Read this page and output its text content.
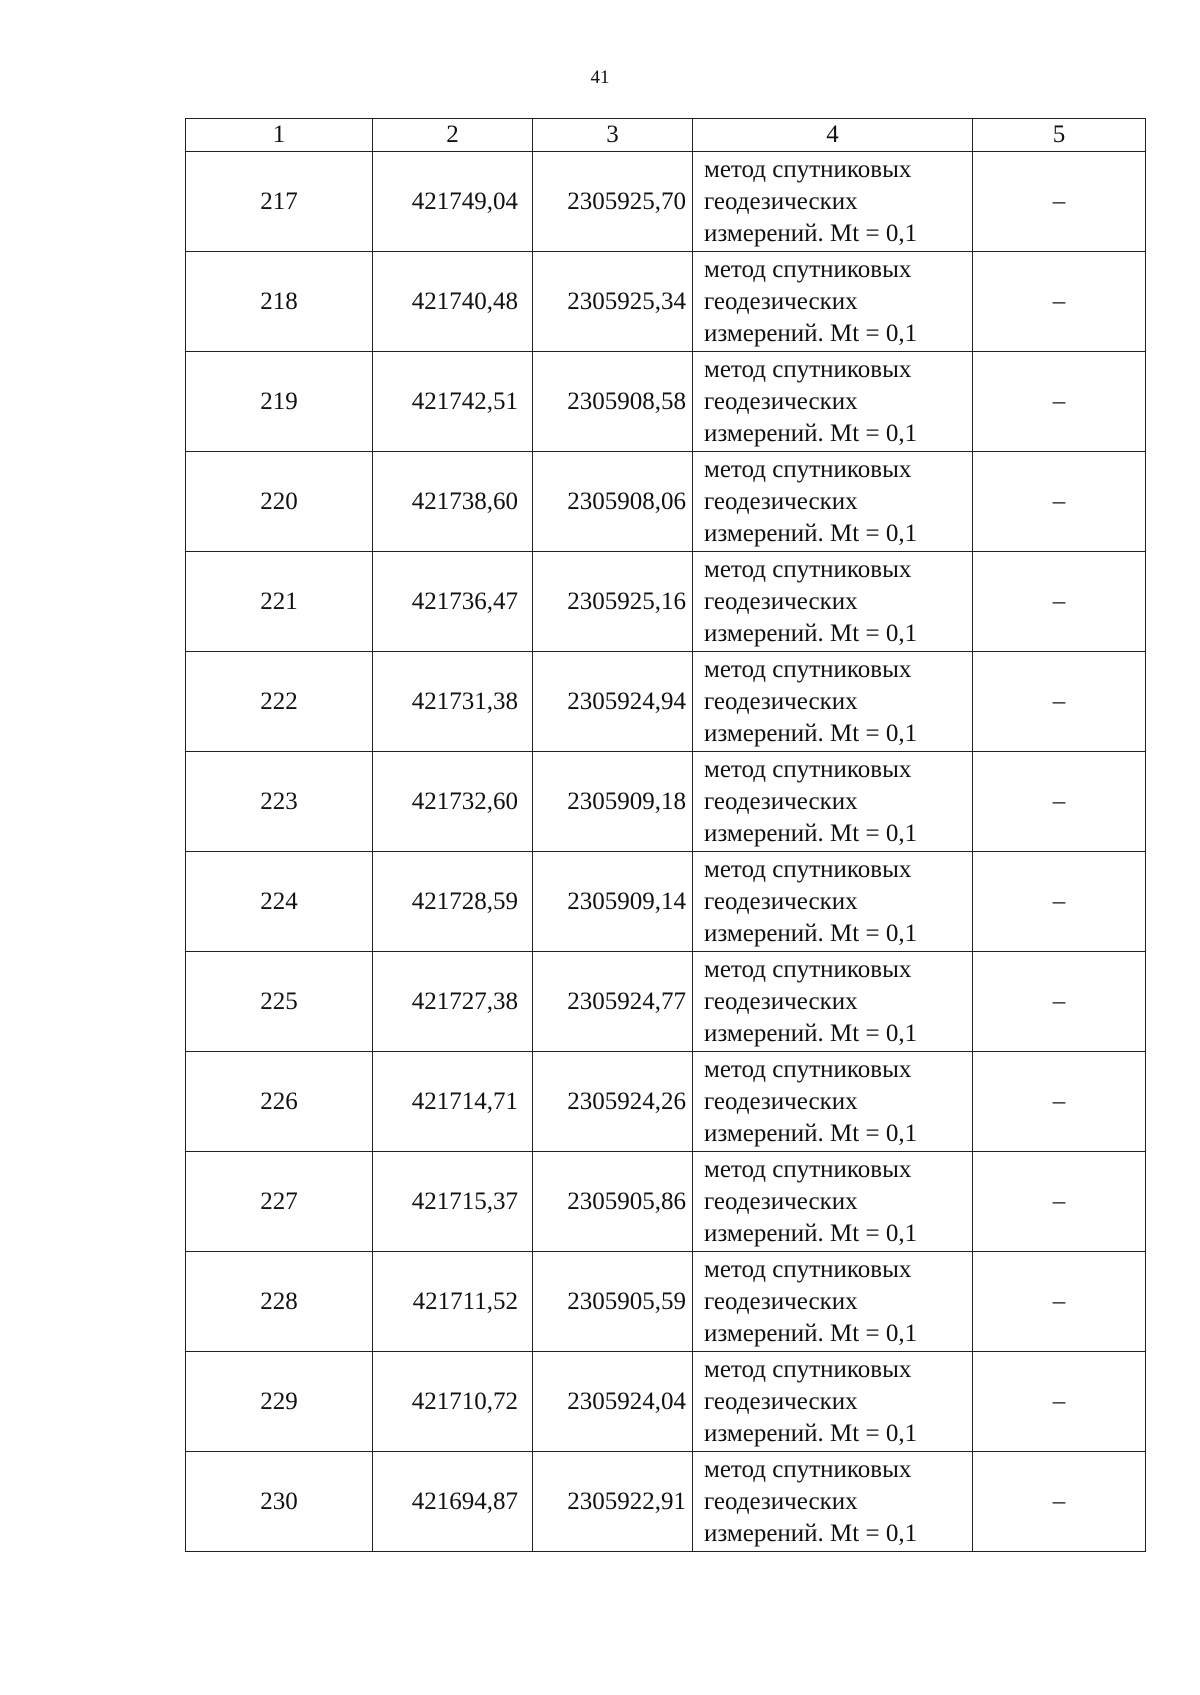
41
1	2	3	4	5
217	421749,04	2305925,70	метод спутниковых
геодезических
измерений. Mt = 0,1	–
218	421740,48	2305925,34	метод спутниковых
геодезических
измерений. Mt = 0,1	–
219	421742,51	2305908,58	метод спутниковых
геодезических
измерений. Mt = 0,1	–
220	421738,60	2305908,06	метод спутниковых
геодезических
измерений. Mt = 0,1	–
221	421736,47	2305925,16	метод спутниковых
геодезических
измерений. Mt = 0,1	–
222	421731,38	2305924,94	метод спутниковых
геодезических
измерений. Mt = 0,1	–
223	421732,60	2305909,18	метод спутниковых
геодезических
измерений. Mt = 0,1	–
224	421728,59	2305909,14	метод спутниковых
геодезических
измерений. Mt = 0,1	–
225	421727,38	2305924,77	метод спутниковых
геодезических
измерений. Mt = 0,1	–
226	421714,71	2305924,26	метод спутниковых
геодезических
измерений. Mt = 0,1	–
227	421715,37	2305905,86	метод спутниковых
геодезических
измерений. Mt = 0,1	–
228	421711,52	2305905,59	метод спутниковых
геодезических
измерений. Mt = 0,1	–
229	421710,72	2305924,04	метод спутниковых
геодезических
измерений. Mt = 0,1	–
230	421694,87	2305922,91	метод спутниковых
геодезических
измерений. Mt = 0,1	–
